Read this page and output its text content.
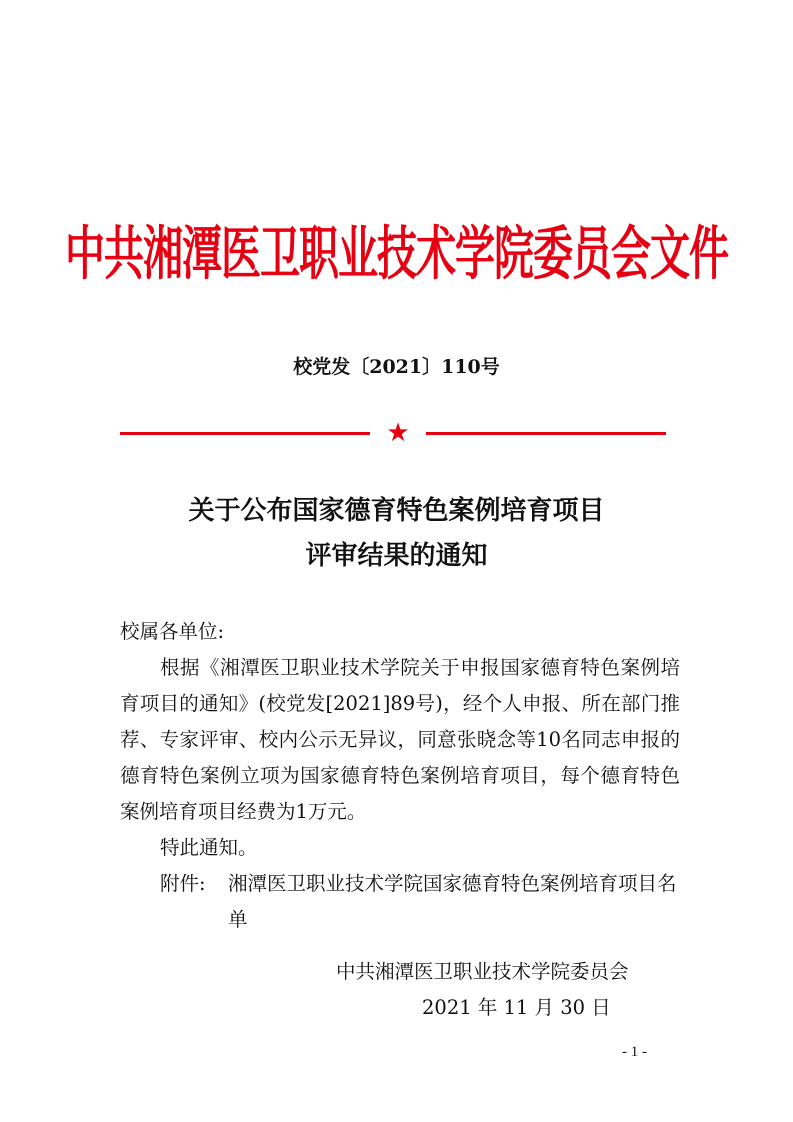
中共湘潭医卫职业技术学院委员会文件
校党发〔2021〕110号
★
关于公布国家德育特色案例培育项目
评审结果的通知
校属各单位:
根据《湘潭医卫职业技术学院关于申报国家德育特色案例培育项目的通知》(校党发[2021]89号)，经个人申报、所在部门推荐、专家评审、校内公示无异议，同意张晓念等10名同志申报的德育特色案例立项为国家德育特色案例培育项目，每个德育特色案例培育项目经费为1万元。
特此通知。
附件: 湘潭医卫职业技术学院国家德育特色案例培育项目名单
中共湘潭医卫职业技术学院委员会
2021 年 11 月 30 日
- 1 -
